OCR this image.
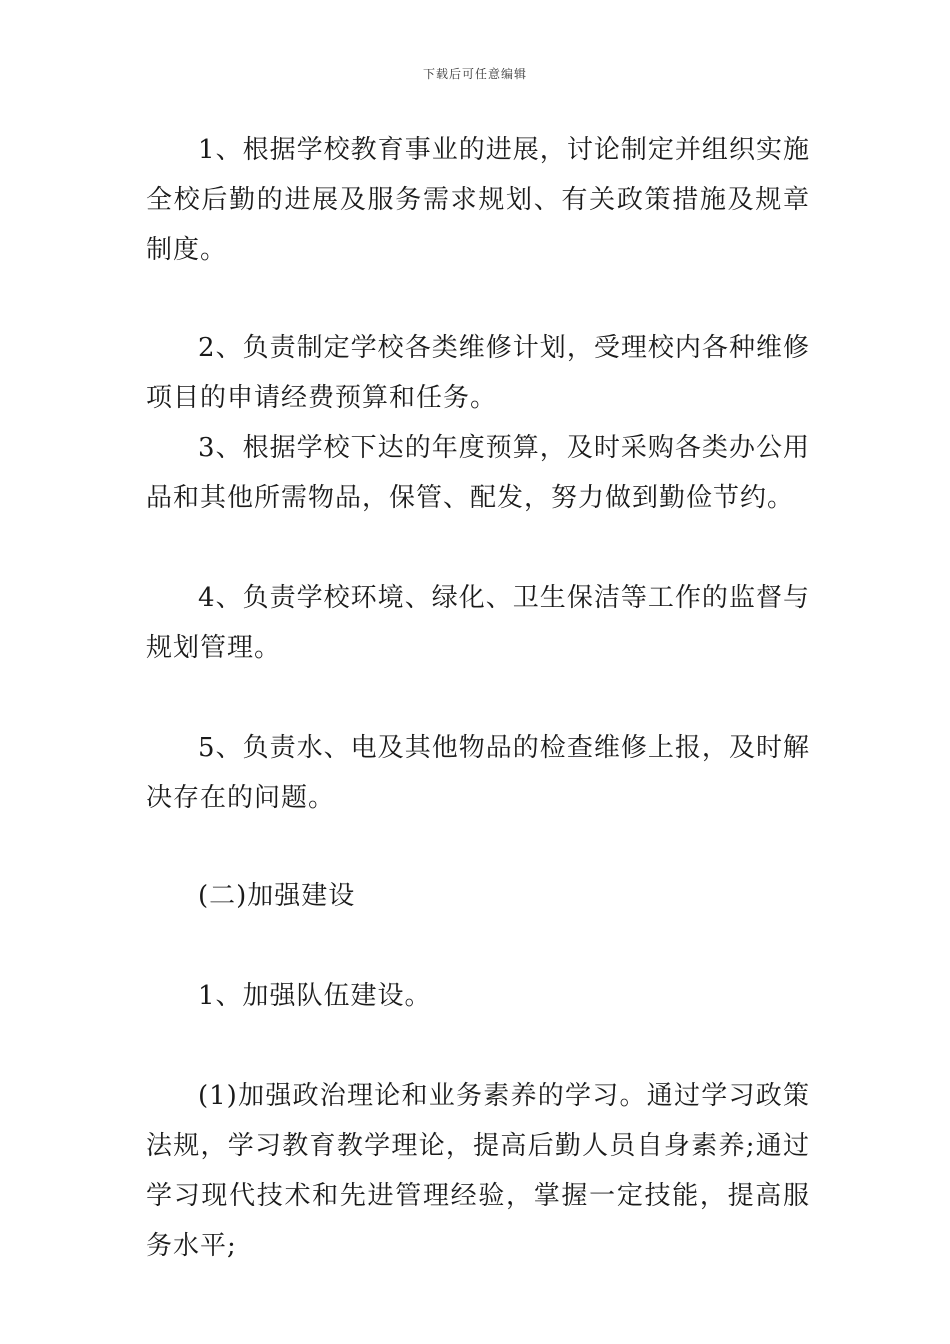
下载后可任意编辑

1、根据学校教育事业的进展，讨论制定并组织实施全校后勤的进展及服务需求规划、有关政策措施及规章制度。

2、负责制定学校各类维修计划，受理校内各种维修项目的申请经费预算和任务。

3、根据学校下达的年度预算，及时采购各类办公用品和其他所需物品，保管、配发，努力做到勤俭节约。

4、负责学校环境、绿化、卫生保洁等工作的监督与规划管理。

5、负责水、电及其他物品的检查维修上报，及时解决存在的问题。

(二)加强建设

1、加强队伍建设。

(1)加强政治理论和业务素养的学习。通过学习政策法规，学习教育教学理论，提高后勤人员自身素养;通过学习现代技术和先进管理经验，掌握一定技能，提高服务水平;
